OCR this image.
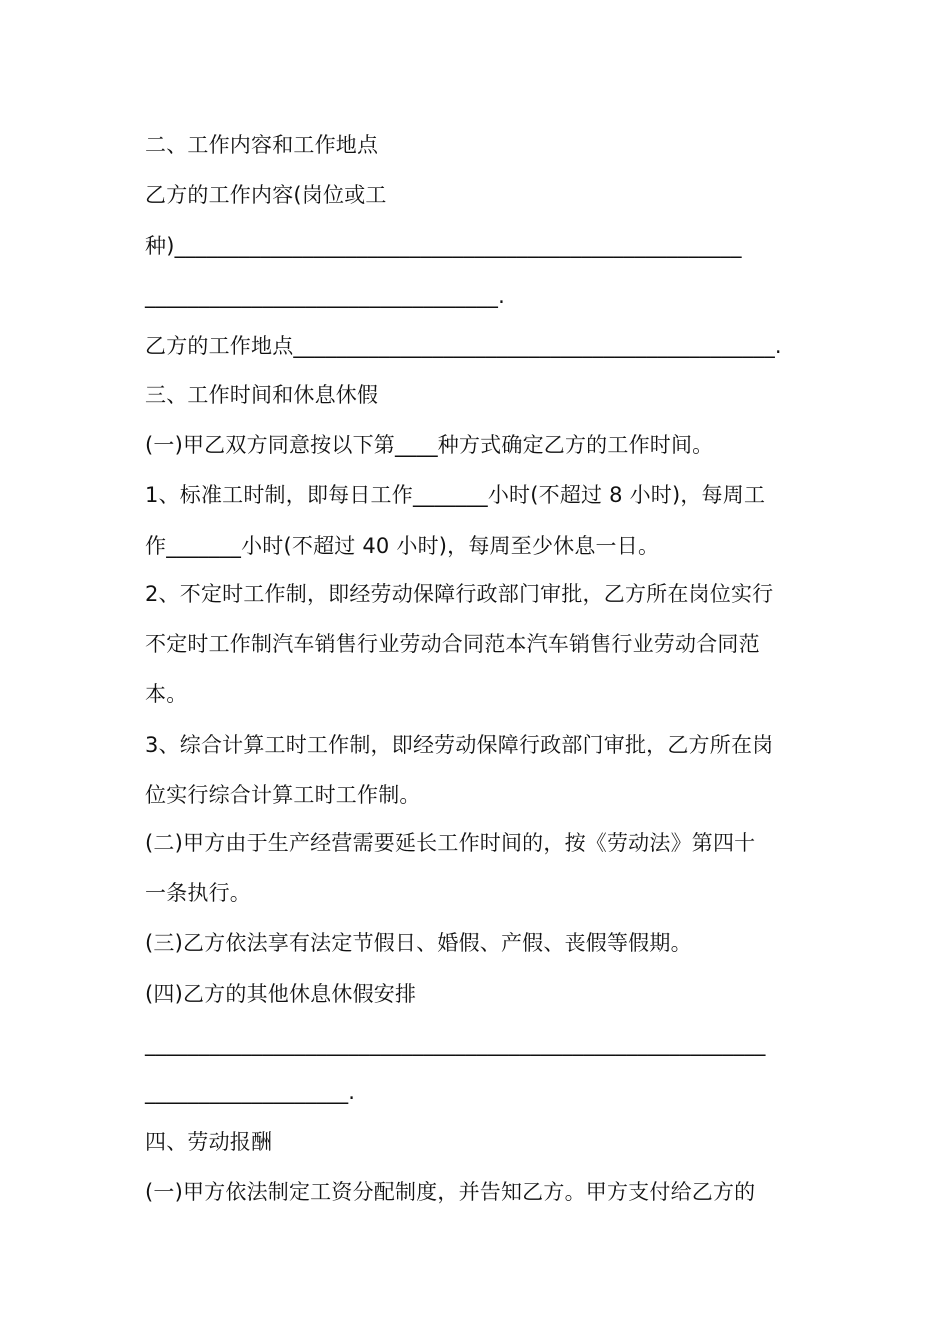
二、工作内容和工作地点
乙方的工作内容(岗位或工
种)_____________________________________________________
_________________________________.
乙方的工作地点_____________________________________________.
三、工作时间和休息休假
(一)甲乙双方同意按以下第____种方式确定乙方的工作时间。
1、标准工时制，即每日工作_______小时(不超过 8 小时)，每周工
作_______小时(不超过 40 小时)，每周至少休息一日。
2、不定时工作制，即经劳动保障行政部门审批，乙方所在岗位实行
不定时工作制汽车销售行业劳动合同范本汽车销售行业劳动合同范
本。
3、综合计算工时工作制，即经劳动保障行政部门审批，乙方所在岗
位实行综合计算工时工作制。
(二)甲方由于生产经营需要延长工作时间的，按《劳动法》第四十
一条执行。
(三)乙方依法享有法定节假日、婚假、产假、丧假等假期。
(四)乙方的其他休息休假安排
__________________________________________________________
___________________.
四、劳动报酬
(一)甲方依法制定工资分配制度，并告知乙方。甲方支付给乙方的
